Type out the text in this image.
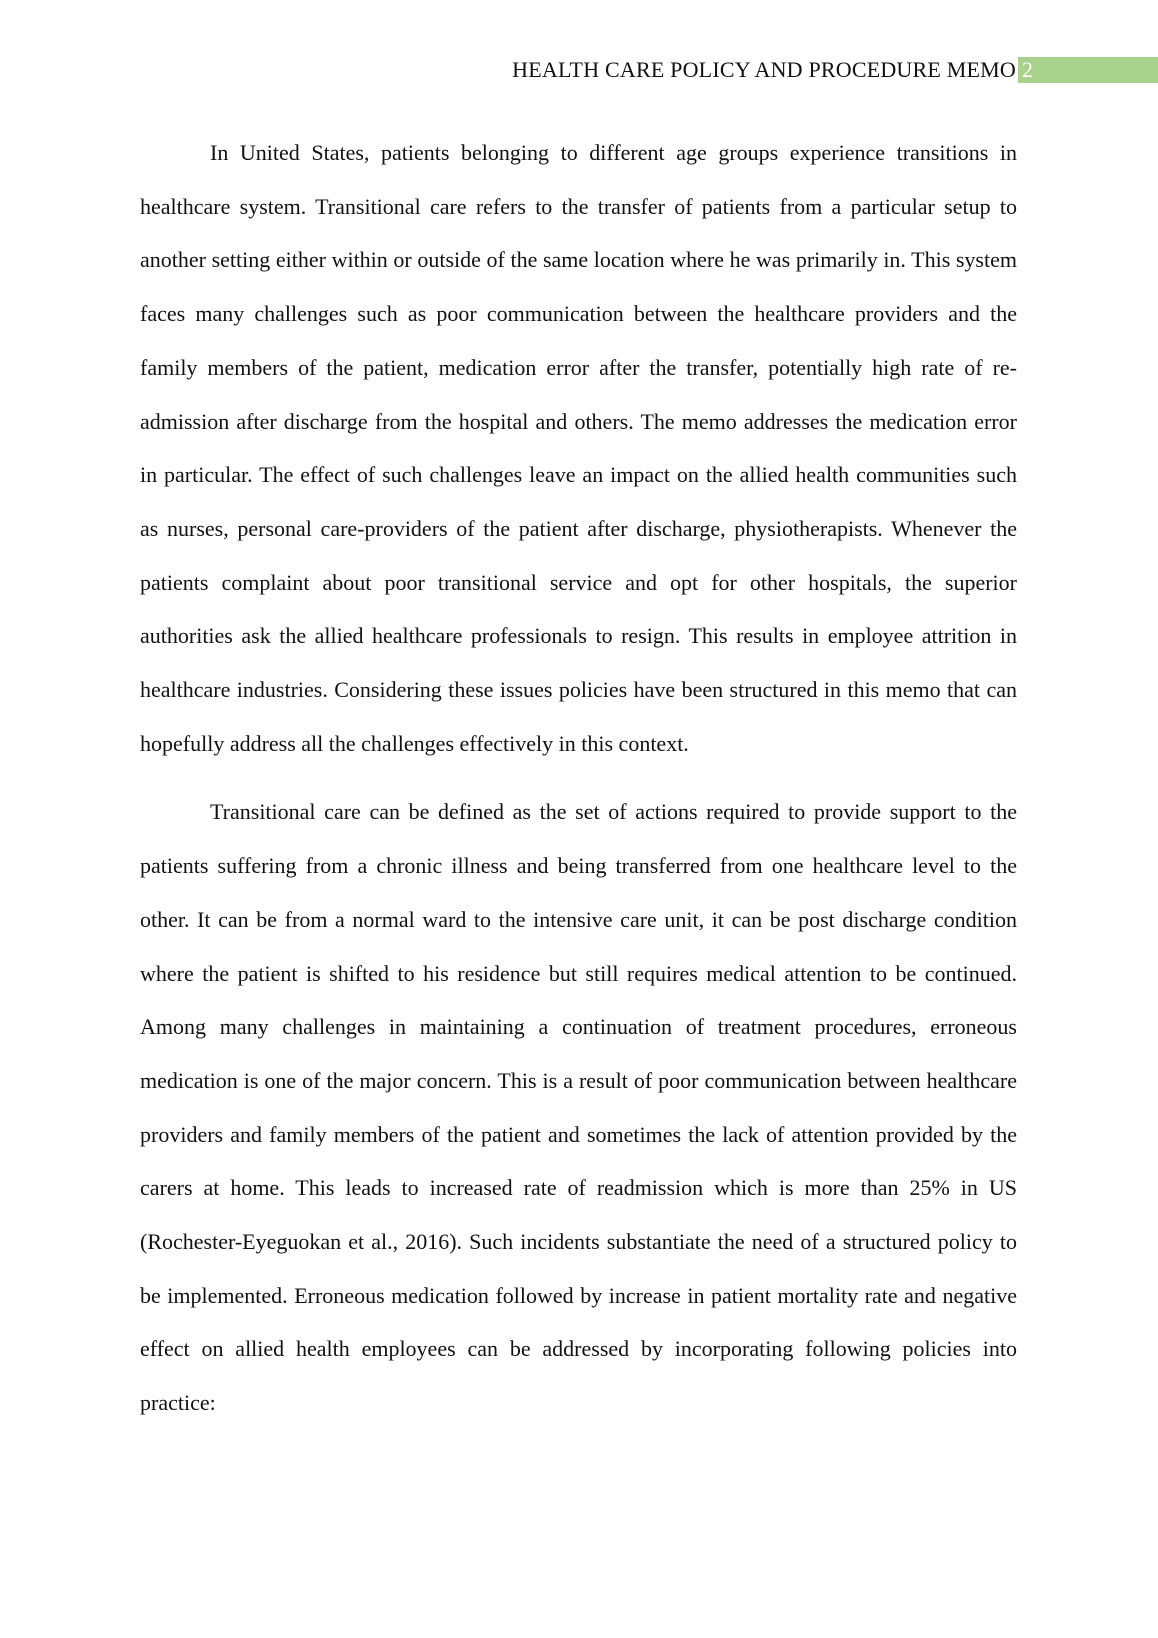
HEALTH CARE POLICY AND PROCEDURE MEMO 2

In United States, patients belonging to different age groups experience transitions in healthcare system. Transitional care refers to the transfer of patients from a particular setup to another setting either within or outside of the same location where he was primarily in. This system faces many challenges such as poor communication between the healthcare providers and the family members of the patient, medication error after the transfer, potentially high rate of re-admission after discharge from the hospital and others. The memo addresses the medication error in particular. The effect of such challenges leave an impact on the allied health communities such as nurses, personal care-providers of the patient after discharge, physiotherapists. Whenever the patients complaint about poor transitional service and opt for other hospitals, the superior authorities ask the allied healthcare professionals to resign. This results in employee attrition in healthcare industries. Considering these issues policies have been structured in this memo that can hopefully address all the challenges effectively in this context.

Transitional care can be defined as the set of actions required to provide support to the patients suffering from a chronic illness and being transferred from one healthcare level to the other. It can be from a normal ward to the intensive care unit, it can be post discharge condition where the patient is shifted to his residence but still requires medical attention to be continued. Among many challenges in maintaining a continuation of treatment procedures, erroneous medication is one of the major concern. This is a result of poor communication between healthcare providers and family members of the patient and sometimes the lack of attention provided by the carers at home. This leads to increased rate of readmission which is more than 25% in US (Rochester-Eyeguokan et al., 2016). Such incidents substantiate the need of a structured policy to be implemented. Erroneous medication followed by increase in patient mortality rate and negative effect on allied health employees can be addressed by incorporating following policies into practice:
